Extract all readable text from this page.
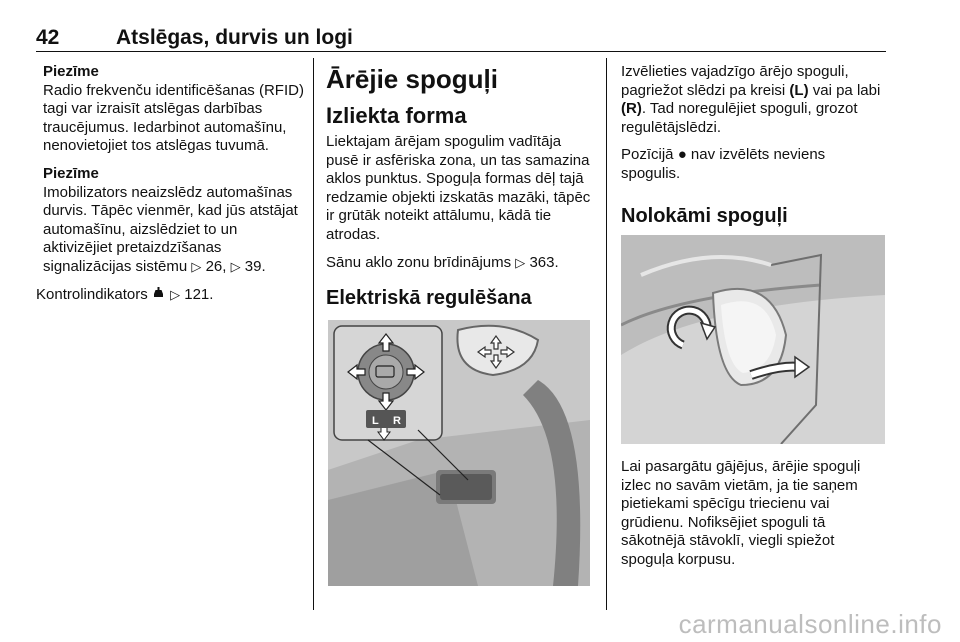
42	Atslēgas, durvis un logi
Piezīme
Radio frekvenču identificēšanas (RFID) tagi var izraisīt atslēgas darbības traucējumus. Iedarbinot automašīnu, nenovietojiet tos atslēgas tuvumā.
Piezīme
Imobilizators neaizslēdz automašīnas durvis. Tāpēc vienmēr, kad jūs atstājat automašīnu, aizslēdziet to un aktivizējiet pretaizdzīšanas signalizācijas sistēmu ▷ 26, ▷ 39.

Kontrolindikators  ▷ 121.

Ārējie spoguļi
Izliekta forma

Liektajam ārējam spogulim vadītāja pusē ir asfēriska zona, un tas samazina aklos punktus. Spoguļa formas dēļ tajā redzamie objekti izskatās mazāki, tāpēc ir grūtāk noteikt attālumu, kādā tie atrodas.

Sānu aklo zonu brīdinājums ▷ 363.

Elektriskā regulēšana
L R

Izvēlieties vajadzīgo ārējo spoguli, pagriežot slēdzi pa kreisi (L) vai pa labi (R). Tad noregulējiet spoguli, grozot regulētājslēdzi.

Pozīcijā ● nav izvēlēts neviens spogulis.

Nolokāmi spoguļi

Lai pasargātu gājējus, ārējie spoguļi izlec no savām vietām, ja tie saņem pietiekami spēcīgu triecienu vai grūdienu. Nofiksējiet spoguli tā sākotnējā stāvoklī, viegli spiežot spoguļa korpusu.

carmanualsonline.info
